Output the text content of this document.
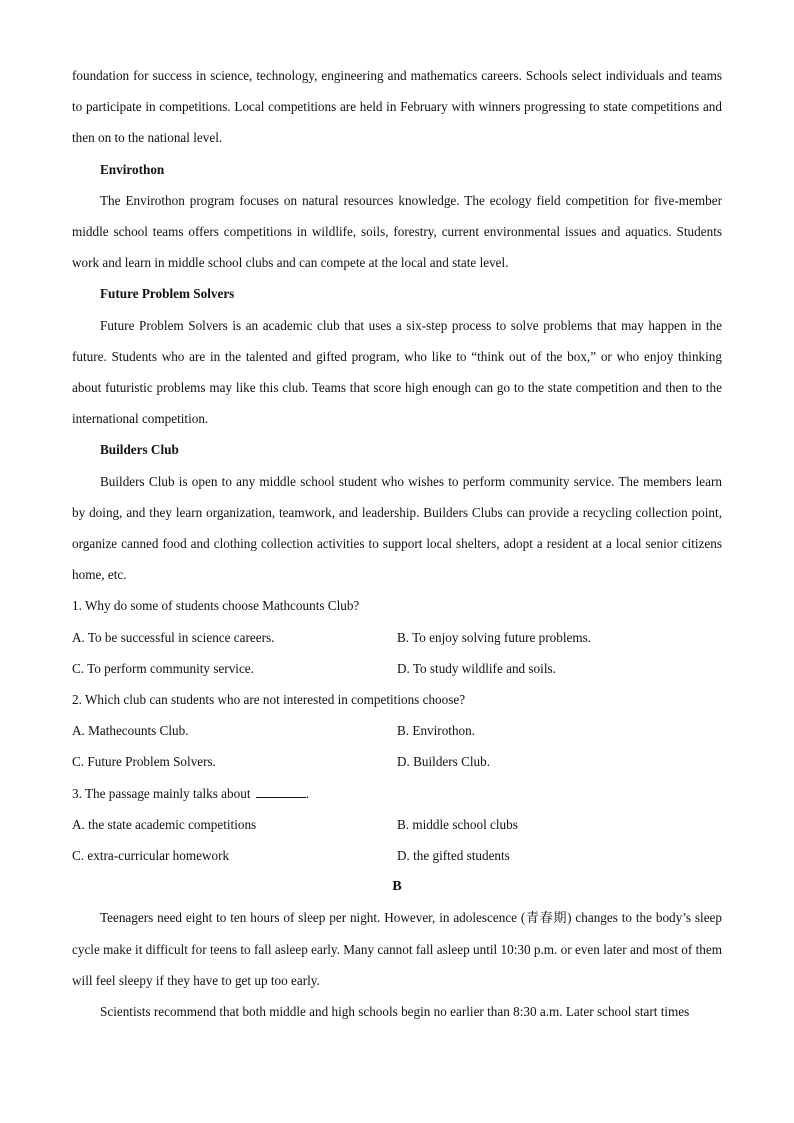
foundation for success in science, technology, engineering and mathematics careers. Schools select individuals and teams to participate in competitions. Local competitions are held in February with winners progressing to state competitions and then on to the national level.

Envirothon

The Envirothon program focuses on natural resources knowledge. The ecology field competition for five-member middle school teams offers competitions in wildlife, soils, forestry, current environmental issues and aquatics. Students work and learn in middle school clubs and can compete at the local and state level.

Future Problem Solvers

Future Problem Solvers is an academic club that uses a six-step process to solve problems that may happen in the future. Students who are in the talented and gifted program, who like to “think out of the box,” or who enjoy thinking about futuristic problems may like this club. Teams that score high enough can go to the state competition and then to the international competition.

Builders Club

Builders Club is open to any middle school student who wishes to perform community service. The members learn by doing, and they learn organization, teamwork, and leadership. Builders Clubs can provide a recycling collection point, organize canned food and clothing collection activities to support local shelters, adopt a resident at a local senior citizens home, etc.

1. Why do some of students choose Mathcounts Club?

A. To be successful in science careers.	B. To enjoy solving future problems.

C. To perform community service.	D. To study wildlife and soils.

2. Which club can students who are not interested in competitions choose?

A. Mathecounts Club.	B. Envirothon.

C. Future Problem Solvers.	D. Builders Club.

3. The passage mainly talks about	.

A. the state academic competitions	B. middle school clubs

C. extra-curricular homework	D. the gifted students

B

Teenagers need eight to ten hours of sleep per night. However, in adolescence (青春期) changes to the body’s sleep cycle make it difficult for teens to fall asleep early. Many cannot fall asleep until 10:30 p.m. or even later and most of them will feel sleepy if they have to get up too early.

Scientists recommend that both middle and high schools begin no earlier than 8:30 a.m. Later school start times
